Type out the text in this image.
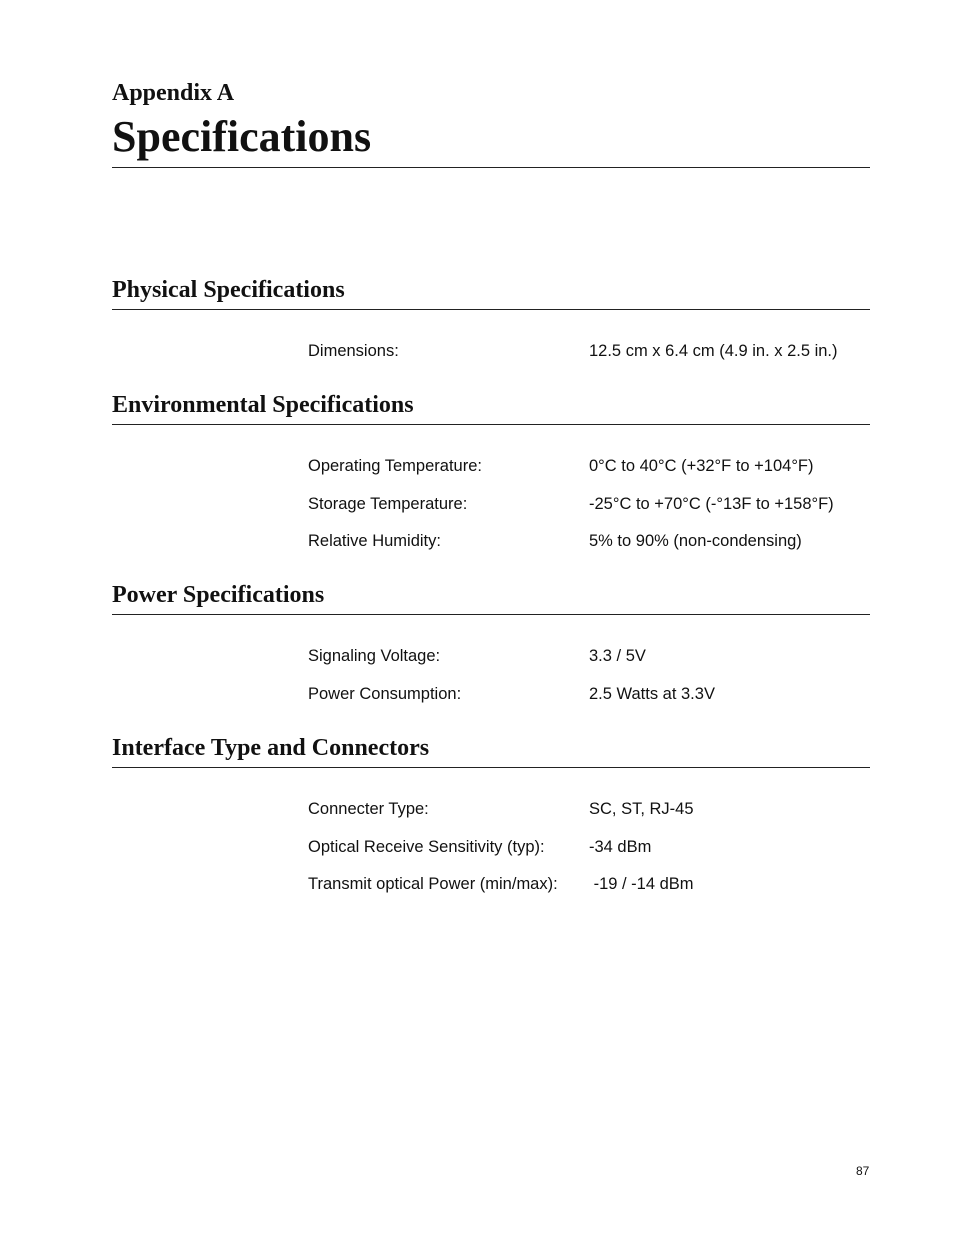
Appendix A
Specifications
Physical Specifications
Dimensions:	12.5 cm x 6.4 cm (4.9 in. x 2.5 in.)
Environmental Specifications
Operating Temperature:	0°C to 40°C (+32°F to +104°F)
Storage Temperature:	-25°C to +70°C (-°13F to +158°F)
Relative Humidity:	5% to 90% (non-condensing)
Power Specifications
Signaling Voltage:	3.3 / 5V
Power Consumption:	2.5 Watts at 3.3V
Interface Type and Connectors
Connecter Type:	SC, ST, RJ-45
Optical Receive Sensitivity (typ):	-34 dBm
Transmit optical Power (min/max): -19 / -14 dBm
87
